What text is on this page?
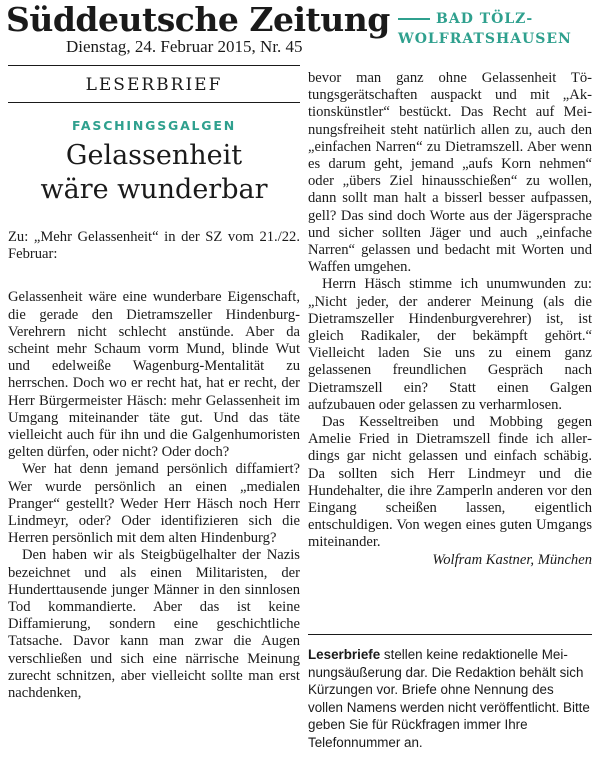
Süddeutsche Zeitung
Dienstag, 24. Februar 2015, Nr. 45
BAD TÖLZ-
WOLFRATSHAUSEN
LESERBRIEF
FASCHINGSGALGEN
Gelassenheit
wäre wunderbar
Zu: „Mehr Gelassenheit“ in der SZ vom 21./22. Februar:

Gelassenheit wäre eine wunderbare Eigenschaft, die gerade den Dietramszeller Hindenburg-Verehrern nicht schlecht anstünde. Aber da scheint mehr Schaum vorm Mund, blinde Wut und edelweiße Wagenburg-Mentalität zu herrschen. Doch wo er recht hat, hat er recht, der Herr Bürgermeister Häsch: mehr Gelassenheit im Umgang miteinander täte gut. Und das täte vielleicht auch für ihn und die Galgenhumoristen gelten dürfen, oder nicht? Oder doch?

Wer hat denn jemand persönlich diffamiert? Wer wurde persönlich an einen „medialen Pranger“ gestellt? Weder Herr Häsch noch Herr Lindmeyr, oder? Oder identifizieren sich die Herren persönlich mit dem alten Hindenburg?

Den haben wir als Steigbügelhalter der Nazis bezeichnet und als einen Militaristen, der Hunderttausende junger Männer in den sinnlosen Tod kommandierte. Aber das ist keine Diffamierung, sondern eine geschichtliche Tatsache. Davor kann man zwar die Augen verschließen und sich eine närrische Meinung zurecht schnitzen, aber vielleicht sollte man erst nachdenken,

bevor man ganz ohne Gelassenheit Tötungsgerätschaften auspackt und mit „Aktionskünstler“ bestückt. Das Recht auf Meinungsfreiheit steht natürlich allen zu, auch den „einfachen Narren“ zu Dietramszell. Aber wenn es darum geht, jemand „aufs Korn nehmen“ oder „übers Ziel hinausschießen“ zu wollen, dann sollt man halt a bisserl besser aufpassen, gell? Das sind doch Worte aus der Jägersprache und sicher sollten Jäger und auch „einfache Narren“ gelassen und bedacht mit Worten und Waffen umgehen.

Herrn Häsch stimme ich unumwunden zu: „Nicht jeder, der anderer Meinung (als die Dietramszeller Hindenburgverehrer) ist, ist gleich Radikaler, der bekämpft gehört.“ Vielleicht laden Sie uns zu einem ganz gelassenen freundlichen Gespräch nach Dietramszell ein? Statt einen Galgen aufzubauen oder gelassen zu verharmlosen.

Das Kesseltreiben und Mobbing gegen Amelie Fried in Dietramszell finde ich allerdings gar nicht gelassen und einfach schäbig. Da sollten sich Herr Lindmeyr und die Hundehalter, die ihre Zamperln anderen vor den Eingang scheißen lassen, eigentlich entschuldigen. Von wegen eines guten Umgangs miteinander.

Wolfram Kastner, München

Leserbriefe stellen keine redaktionelle Meinungsäußerung dar. Die Redaktion behält sich Kürzungen vor. Briefe ohne Nennung des vollen Namens werden nicht veröffentlicht. Bitte geben Sie für Rückfragen immer Ihre Telefonnummer an.
